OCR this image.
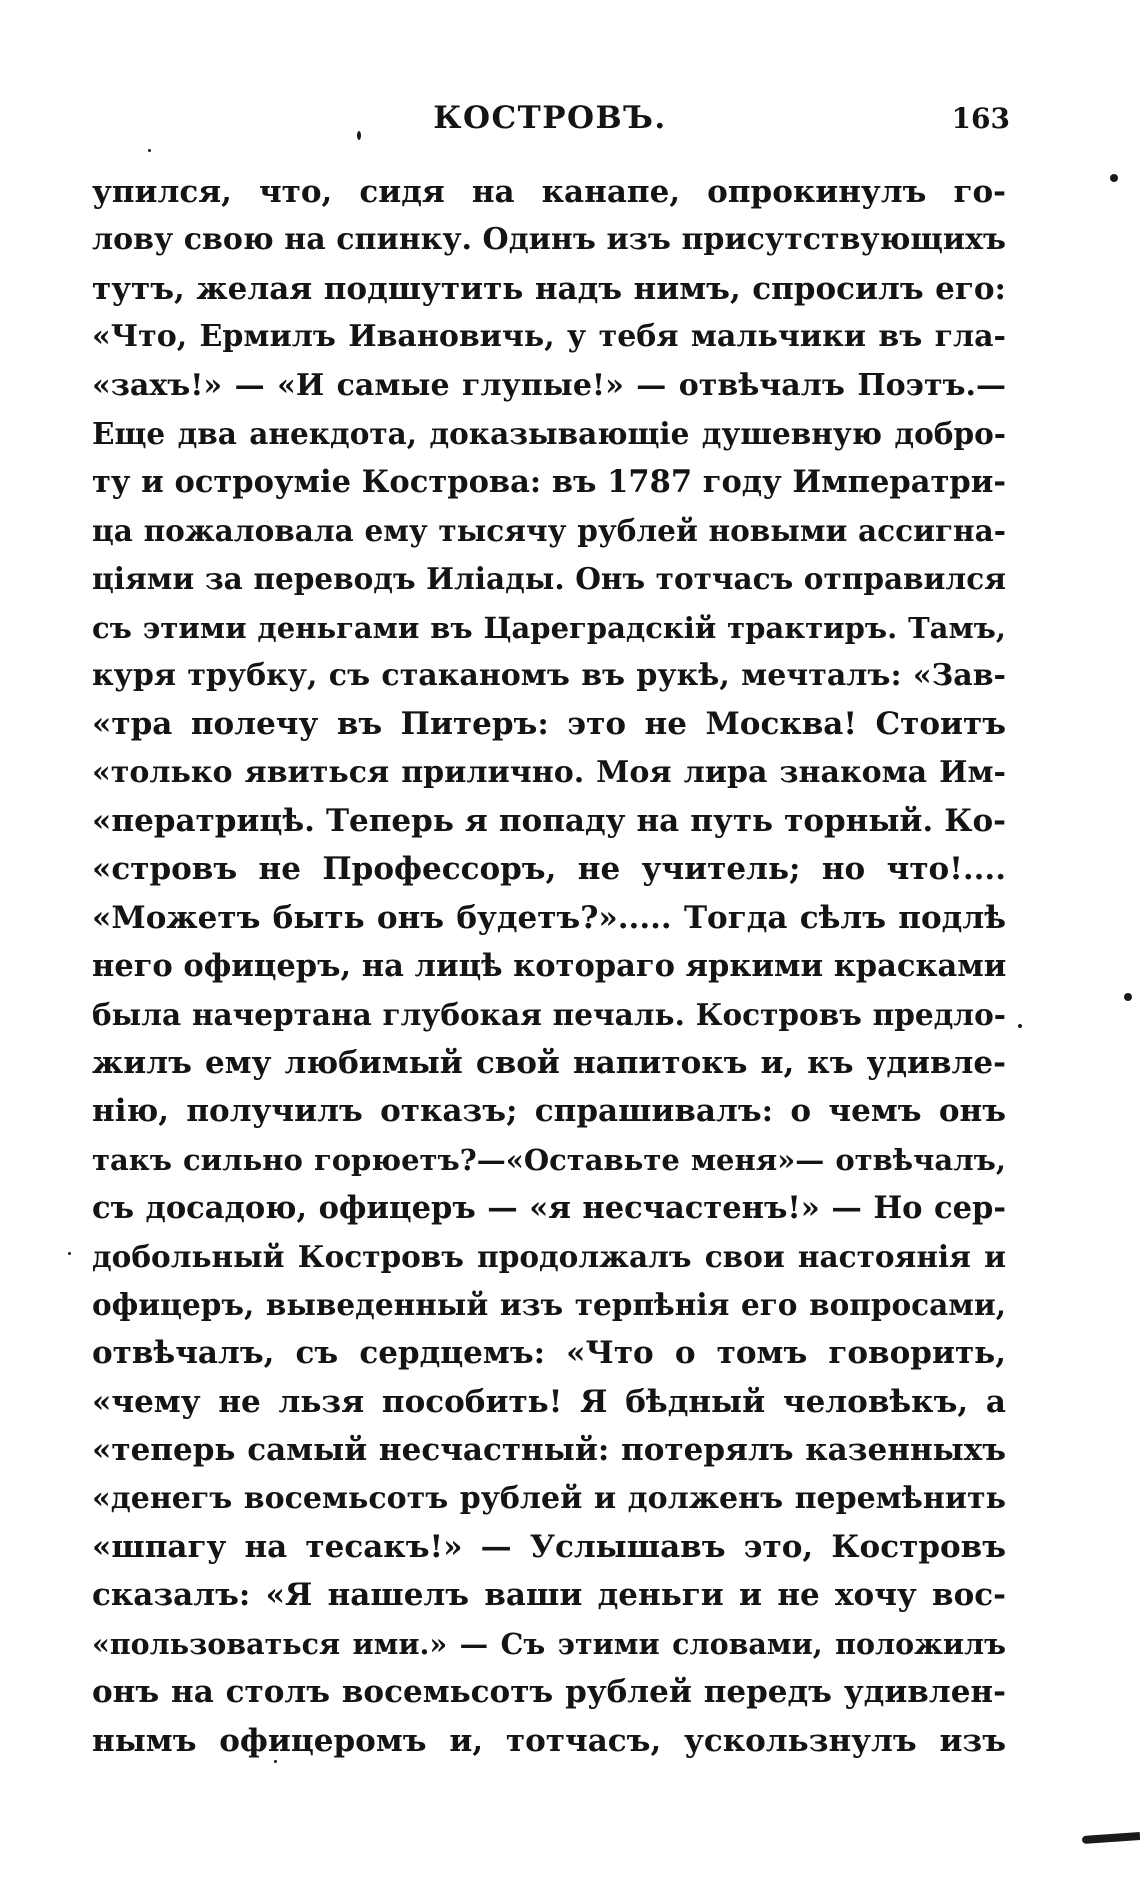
КОСТРОВЪ.	163
упился, что, сидя на канапе, опрокинулъ го-
лову свою на спинку. Одинъ изъ присутствующихъ
тутъ, желая подшутить надъ нимъ, спросилъ его:
«Что, Ермилъ Ивановичь, у тебя мальчики въ гла-
«захъ!» — «И самые глупые!» — отвѣчалъ Поэтъ.—
Еще два анекдота, доказывающіе душевную добро-
ту и остроуміе Кострова: въ 1787 году Императри-
ца пожаловала ему тысячу рублей новыми ассигна-
ціями за переводъ Иліады. Онъ тотчасъ отправился
съ этими деньгами въ Цареградскій трактиръ. Тамъ,
куря трубку, съ стаканомъ въ рукѣ, мечталъ: «Зав-
«тра полечу въ Питеръ: это не Москва! Стоитъ
«только явиться прилично. Моя лира знакома Им-
«ператрицѣ. Теперь я попаду на путь торный. Ко-
«стровъ не Профессоръ, не учитель; но что!....
«Можетъ быть онъ будетъ?»..... Тогда сѣлъ подлѣ
него офицеръ, на лицѣ котораго яркими красками
была начертана глубокая печаль. Костровъ предло-
жилъ ему любимый свой напитокъ и, къ удивле-
нію, получилъ отказъ; спрашивалъ: о чемъ онъ
такъ сильно горюетъ?—«Оставьте меня»— отвѣчалъ,
съ досадою, офицеръ — «я несчастенъ!» — Но сер-
добольный Костровъ продолжалъ свои настоянія и
офицеръ, выведенный изъ терпѣнія его вопросами,
отвѣчалъ, съ сердцемъ: «Что о томъ говорить,
«чему не льзя пособить! Я бѣдный человѣкъ, а
«теперь самый несчастный: потерялъ казенныхъ
«денегъ восемьсотъ рублей и долженъ перемѣнить
«шпагу на тесакъ!» — Услышавъ это, Костровъ
сказалъ: «Я нашелъ ваши деньги и не хочу вос-
«пользоваться ими.» — Съ этими словами, положилъ
онъ на столъ восемьсотъ рублей передъ удивлен-
нымъ офицеромъ и, тотчасъ, ускользнулъ изъ
